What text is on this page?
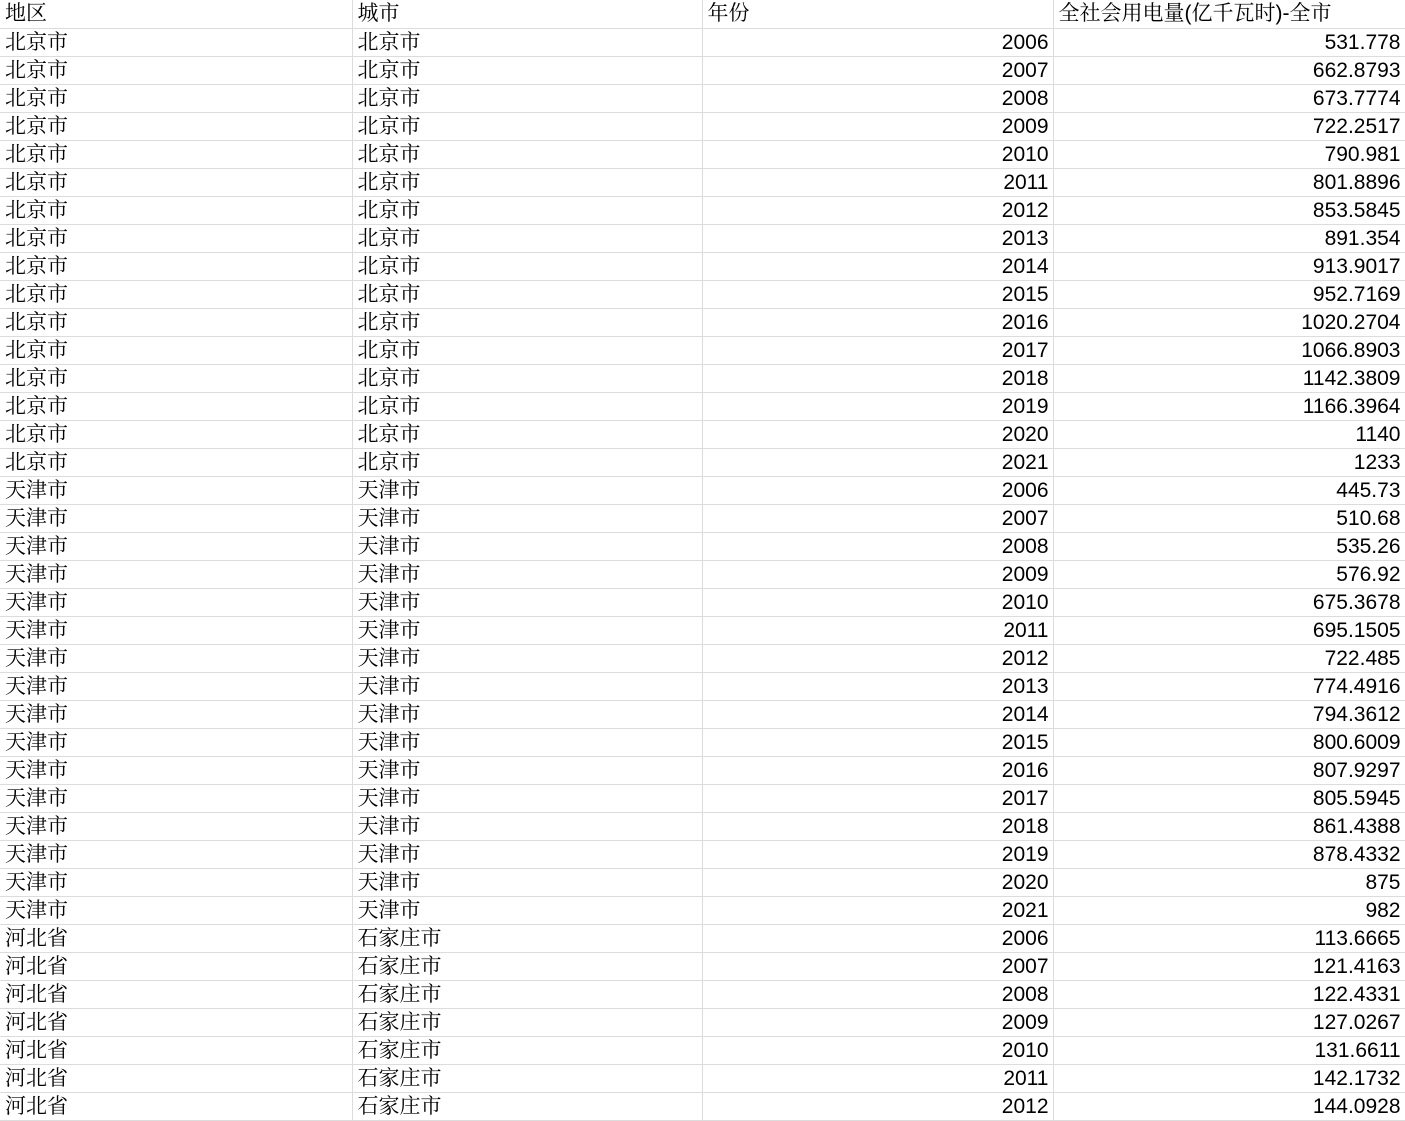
地区	城市	年份	全社会用电量(亿千瓦时)-全市
北京市	北京市	2006	531.778
北京市	北京市	2007	662.8793
北京市	北京市	2008	673.7774
北京市	北京市	2009	722.2517
北京市	北京市	2010	790.981
北京市	北京市	2011	801.8896
北京市	北京市	2012	853.5845
北京市	北京市	2013	891.354
北京市	北京市	2014	913.9017
北京市	北京市	2015	952.7169
北京市	北京市	2016	1020.2704
北京市	北京市	2017	1066.8903
北京市	北京市	2018	1142.3809
北京市	北京市	2019	1166.3964
北京市	北京市	2020	1140
北京市	北京市	2021	1233
天津市	天津市	2006	445.73
天津市	天津市	2007	510.68
天津市	天津市	2008	535.26
天津市	天津市	2009	576.92
天津市	天津市	2010	675.3678
天津市	天津市	2011	695.1505
天津市	天津市	2012	722.485
天津市	天津市	2013	774.4916
天津市	天津市	2014	794.3612
天津市	天津市	2015	800.6009
天津市	天津市	2016	807.9297
天津市	天津市	2017	805.5945
天津市	天津市	2018	861.4388
天津市	天津市	2019	878.4332
天津市	天津市	2020	875
天津市	天津市	2021	982
河北省	石家庄市	2006	113.6665
河北省	石家庄市	2007	121.4163
河北省	石家庄市	2008	122.4331
河北省	石家庄市	2009	127.0267
河北省	石家庄市	2010	131.6611
河北省	石家庄市	2011	142.1732
河北省	石家庄市	2012	144.0928
